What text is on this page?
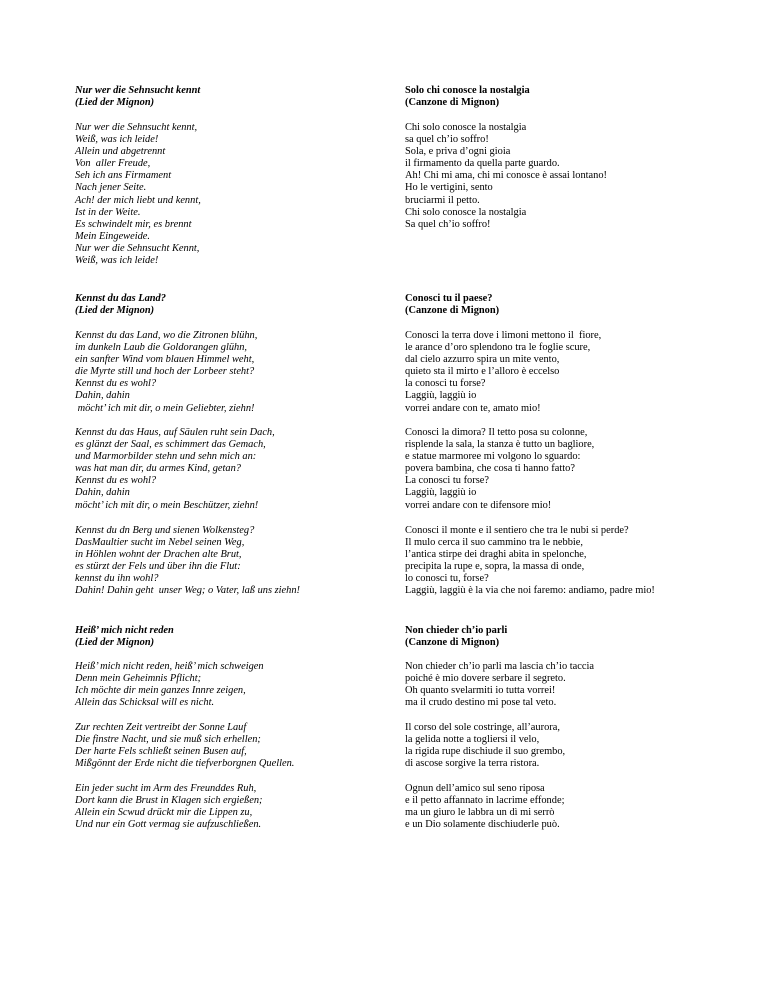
Nur wer die Sehnsucht kennt
(Lied der Mignon)
Nur wer die Sehnsucht kennt,
Weiß, was ich leide!
Allein und abgetrennt
Von  aller Freude,
Seh ich ans Firmament
Nach jener Seite.
Ach! der mich liebt und kennt,
Ist in der Weite.
Es schwindelt mir, es brennt
Mein Eingeweide.
Nur wer die Sehnsucht Kennt,
Weiß, was ich leide!
Kennst du das Land?
(Lied der Mignon)
Kennst du das Land, wo die Zitronen blühn,
im dunkeln Laub die Goldorangen glühn,
ein sanfter Wind vom blauen Himmel weht,
die Myrte still und hoch der Lorbeer steht?
Kennst du es wohl?
Dahin, dahin
möcht’ ich mit dir, o mein Geliebter, ziehn!
Kennst du das Haus, auf Säulen ruht sein Dach,
es glänzt der Saal, es schimmert das Gemach,
und Marmorbilder stehn und sehn mich an:
was hat man dir, du armes Kind, getan?
Kennst du es wohl?
Dahin, dahin
möcht’ ich mit dir, o mein Beschützer, ziehn!
Kennst du dn Berg und sienen Wolkensteg?
DasMaultier sucht im Nebel seinen Weg,
in Höhlen wohnt der Drachen alte Brut,
es stürzt der Fels und über ihn die Flut:
kennst du ihn wohl?
Dahin! Dahin geht  unser Weg; o Vater, laß uns ziehn!
Heiß’ mich nicht reden
(Lied der Mignon)
Heiß’ mich nicht reden, heiß’ mich schweigen
Denn mein Geheimnis Pflicht;
Ich möchte dir mein ganzes Innre zeigen,
Allein das Schicksal will es nicht.
Zur rechten Zeit vertreibt der Sonne Lauf
Die finstre Nacht, und sie muß sich erhellen;
Der harte Fels schließt seinen Busen auf,
Mißgönnt der Erde nicht die tiefverborgnen Quellen.
Ein jeder sucht im Arm des Freunddes Ruh,
Dort kann die Brust in Klagen sich ergießen;
Allein ein Scwud drückt mir die Lippen zu,
Und nur ein Gott vermag sie aufzuschließen.
Solo chi conosce la nostalgia
(Canzone di Mignon)
Chi solo conosce la nostalgia
sa quel ch’io soffro!
Sola, e priva d’ogni gioia
il firmamento da quella parte guardo.
Ah! Chi mi ama, chi mi conosce è assai lontano!
Ho le vertigini, sento
bruciarmi il petto.
Chi solo conosce la nostalgia
Sa quel ch’io soffro!
Conosci tu il paese?
(Canzone di Mignon)
Conosci la terra dove i limoni mettono il  fiore,
le arance d’oro splendono tra le foglie scure,
dal cielo azzurro spira un mite vento,
quieto sta il mirto e l’alloro è eccelso
la conosci tu forse?
Laggiù, laggiù io
vorrei andare con te, amato mio!
Conosci la dimora? Il tetto posa su colonne,
risplende la sala, la stanza è tutto un bagliore,
e statue marmoree mi volgono lo sguardo:
povera bambina, che cosa ti hanno fatto?
La conosci tu forse?
Laggiù, laggiù io
vorrei andare con te difensore mio!
Conosci il monte e il sentiero che tra le nubi si perde?
Il mulo cerca il suo cammino tra le nebbie,
l’antica stirpe dei draghi abita in spelonche,
precipita la rupe e, sopra, la massa di onde,
lo conosci tu, forse?
Laggiù, laggiù è la via che noi faremo: andiamo, padre mio!
Non chieder ch’io parli
(Canzone di Mignon)
Non chieder ch’io parli ma lascia ch’io taccia
poiché è mio dovere serbare il segreto.
Oh quanto svelarmiti io tutta vorrei!
ma il crudo destino mi pose tal veto.
Il corso del sole costringe, all’aurora,
la gelida notte a togliersi il velo,
la rigida rupe dischiude il suo grembo,
di ascose sorgive la terra ristora.
Ognun dell’amico sul seno riposa
e il petto affannato in lacrime effonde;
ma un giuro le labbra un dì mi serrò
e un Dio solamente dischiuderle può.
